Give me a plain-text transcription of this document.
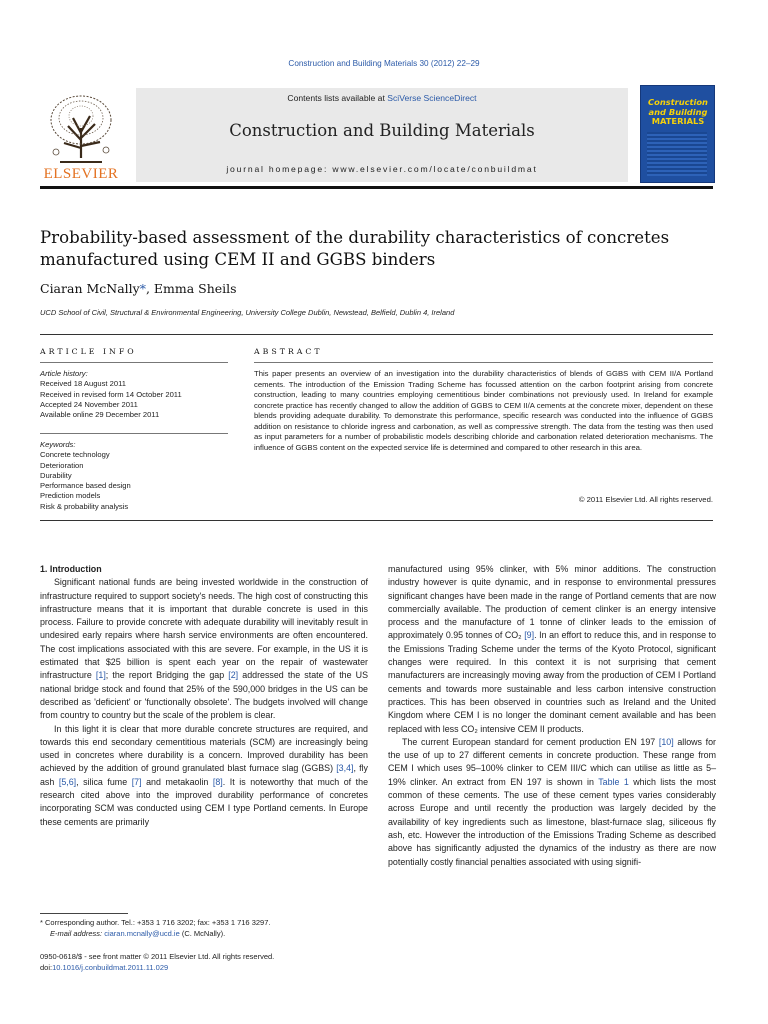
Construction and Building Materials 30 (2012) 22–29
ELSEVIER
Contents lists available at SciVerse ScienceDirect
Construction and Building Materials
journal homepage: www.elsevier.com/locate/conbuildmat
Construction and Building
MATERIALS
Probability-based assessment of the durability characteristics of concretes manufactured using CEM II and GGBS binders
Ciaran McNally*, Emma Sheils
UCD School of Civil, Structural & Environmental Engineering, University College Dublin, Newstead, Belfield, Dublin 4, Ireland
ARTICLE INFO
Article history:
Received 18 August 2011
Received in revised form 14 October 2011
Accepted 24 November 2011
Available online 29 December 2011
Keywords:
Concrete technology
Deterioration
Durability
Performance based design
Prediction models
Risk & probability analysis
ABSTRACT
This paper presents an overview of an investigation into the durability characteristics of blends of GGBS with CEM II/A Portland cements. The introduction of the Emission Trading Scheme has focussed attention on the carbon footprint arising from concrete construction, leading to many countries employing cementitious binder combinations not previously used. In Ireland for example concrete practice has recently changed to allow the addition of GGBS to CEM II/A cements at the concrete mixer, dependent on these blends providing adequate durability. To demonstrate this performance, specific research was conducted into the influence of GGBS addition on resistance to chloride ingress and carbonation, as well as compressive strength. The data from the testing was then used as input parameters for a number of probabilistic models describing chloride and carbonation related deterioration mechanisms. The influence of GGBS content on the expected service life is determined and compared to other research in this area.
© 2011 Elsevier Ltd. All rights reserved.

1. Introduction

Significant national funds are being invested worldwide in the construction of infrastructure required to support society's needs. The high cost of constructing this infrastructure means that it is important that durable concrete is used in this process. Failure to provide concrete with adequate durability will inevitably result in undesired early repairs where harsh service environments are often encountered. The cost implications associated with this are severe. For example, in the US it is estimated that $25 billion is spent each year on the repair of wastewater infrastructure [1]; the report Bridging the gap [2] addressed the state of the US national bridge stock and found that 25% of the 590,000 bridges in the US can be described as 'deficient' or 'functionally obsolete'. The budgets involved will change from country to country but the scale of the problem is clear.

In this light it is clear that more durable concrete structures are required, and towards this end secondary cementitious materials (SCM) are increasingly being used in concretes where durability is a concern. Improved durability has been achieved by the addition of ground granulated blast furnace slag (GGBS) [3,4], fly ash [5,6], silica fume [7] and metakaolin [8]. It is noteworthy that much of the research cited above into the improved durability performance of concretes incorporating SCM was conducted using CEM I type Portland cements. In Europe these cements are primarily

manufactured using 95% clinker, with 5% minor additions. The construction industry however is quite dynamic, and in response to environmental pressures significant changes have been made in the range of Portland cements that are now commercially available. The production of cement clinker is an energy intensive process and the manufacture of 1 tonne of clinker leads to the emission of approximately 0.95 tonnes of CO₂ [9]. In an effort to reduce this, and in response to the Emissions Trading Scheme under the terms of the Kyoto Protocol, significant changes were required. In this context it is not surprising that cement manufacturers are increasingly moving away from the production of CEM I Portland cements and towards more sustainable and less carbon intensive construction practices. This has been observed in countries such as Ireland and the United Kingdom where CEM I is no longer the dominant cement available and has been replaced with less CO₂ intensive CEM II products.

The current European standard for cement production EN 197 [10] allows for the use of up to 27 different cements in concrete production. These range from CEM I which uses 95–100% clinker to CEM III/C which can utilise as little as 5–19% clinker. An extract from EN 197 is shown in Table 1 which lists the most common of these cements. The use of these cement types varies considerably across Europe and until recently the production was largely decided by the availability of key ingredients such as limestone, blast-furnace slag, siliceous fly ash, etc. However the introduction of the Emissions Trading Scheme as described above has significantly adjusted the dynamics of the industry as there are now potentially costly financial penalties associated with using signifi-

* Corresponding author. Tel.: +353 1 716 3202; fax: +353 1 716 3297.
E-mail address: ciaran.mcnally@ucd.ie (C. McNally).
0950-0618/$ - see front matter © 2011 Elsevier Ltd. All rights reserved.
doi:10.1016/j.conbuildmat.2011.11.029
